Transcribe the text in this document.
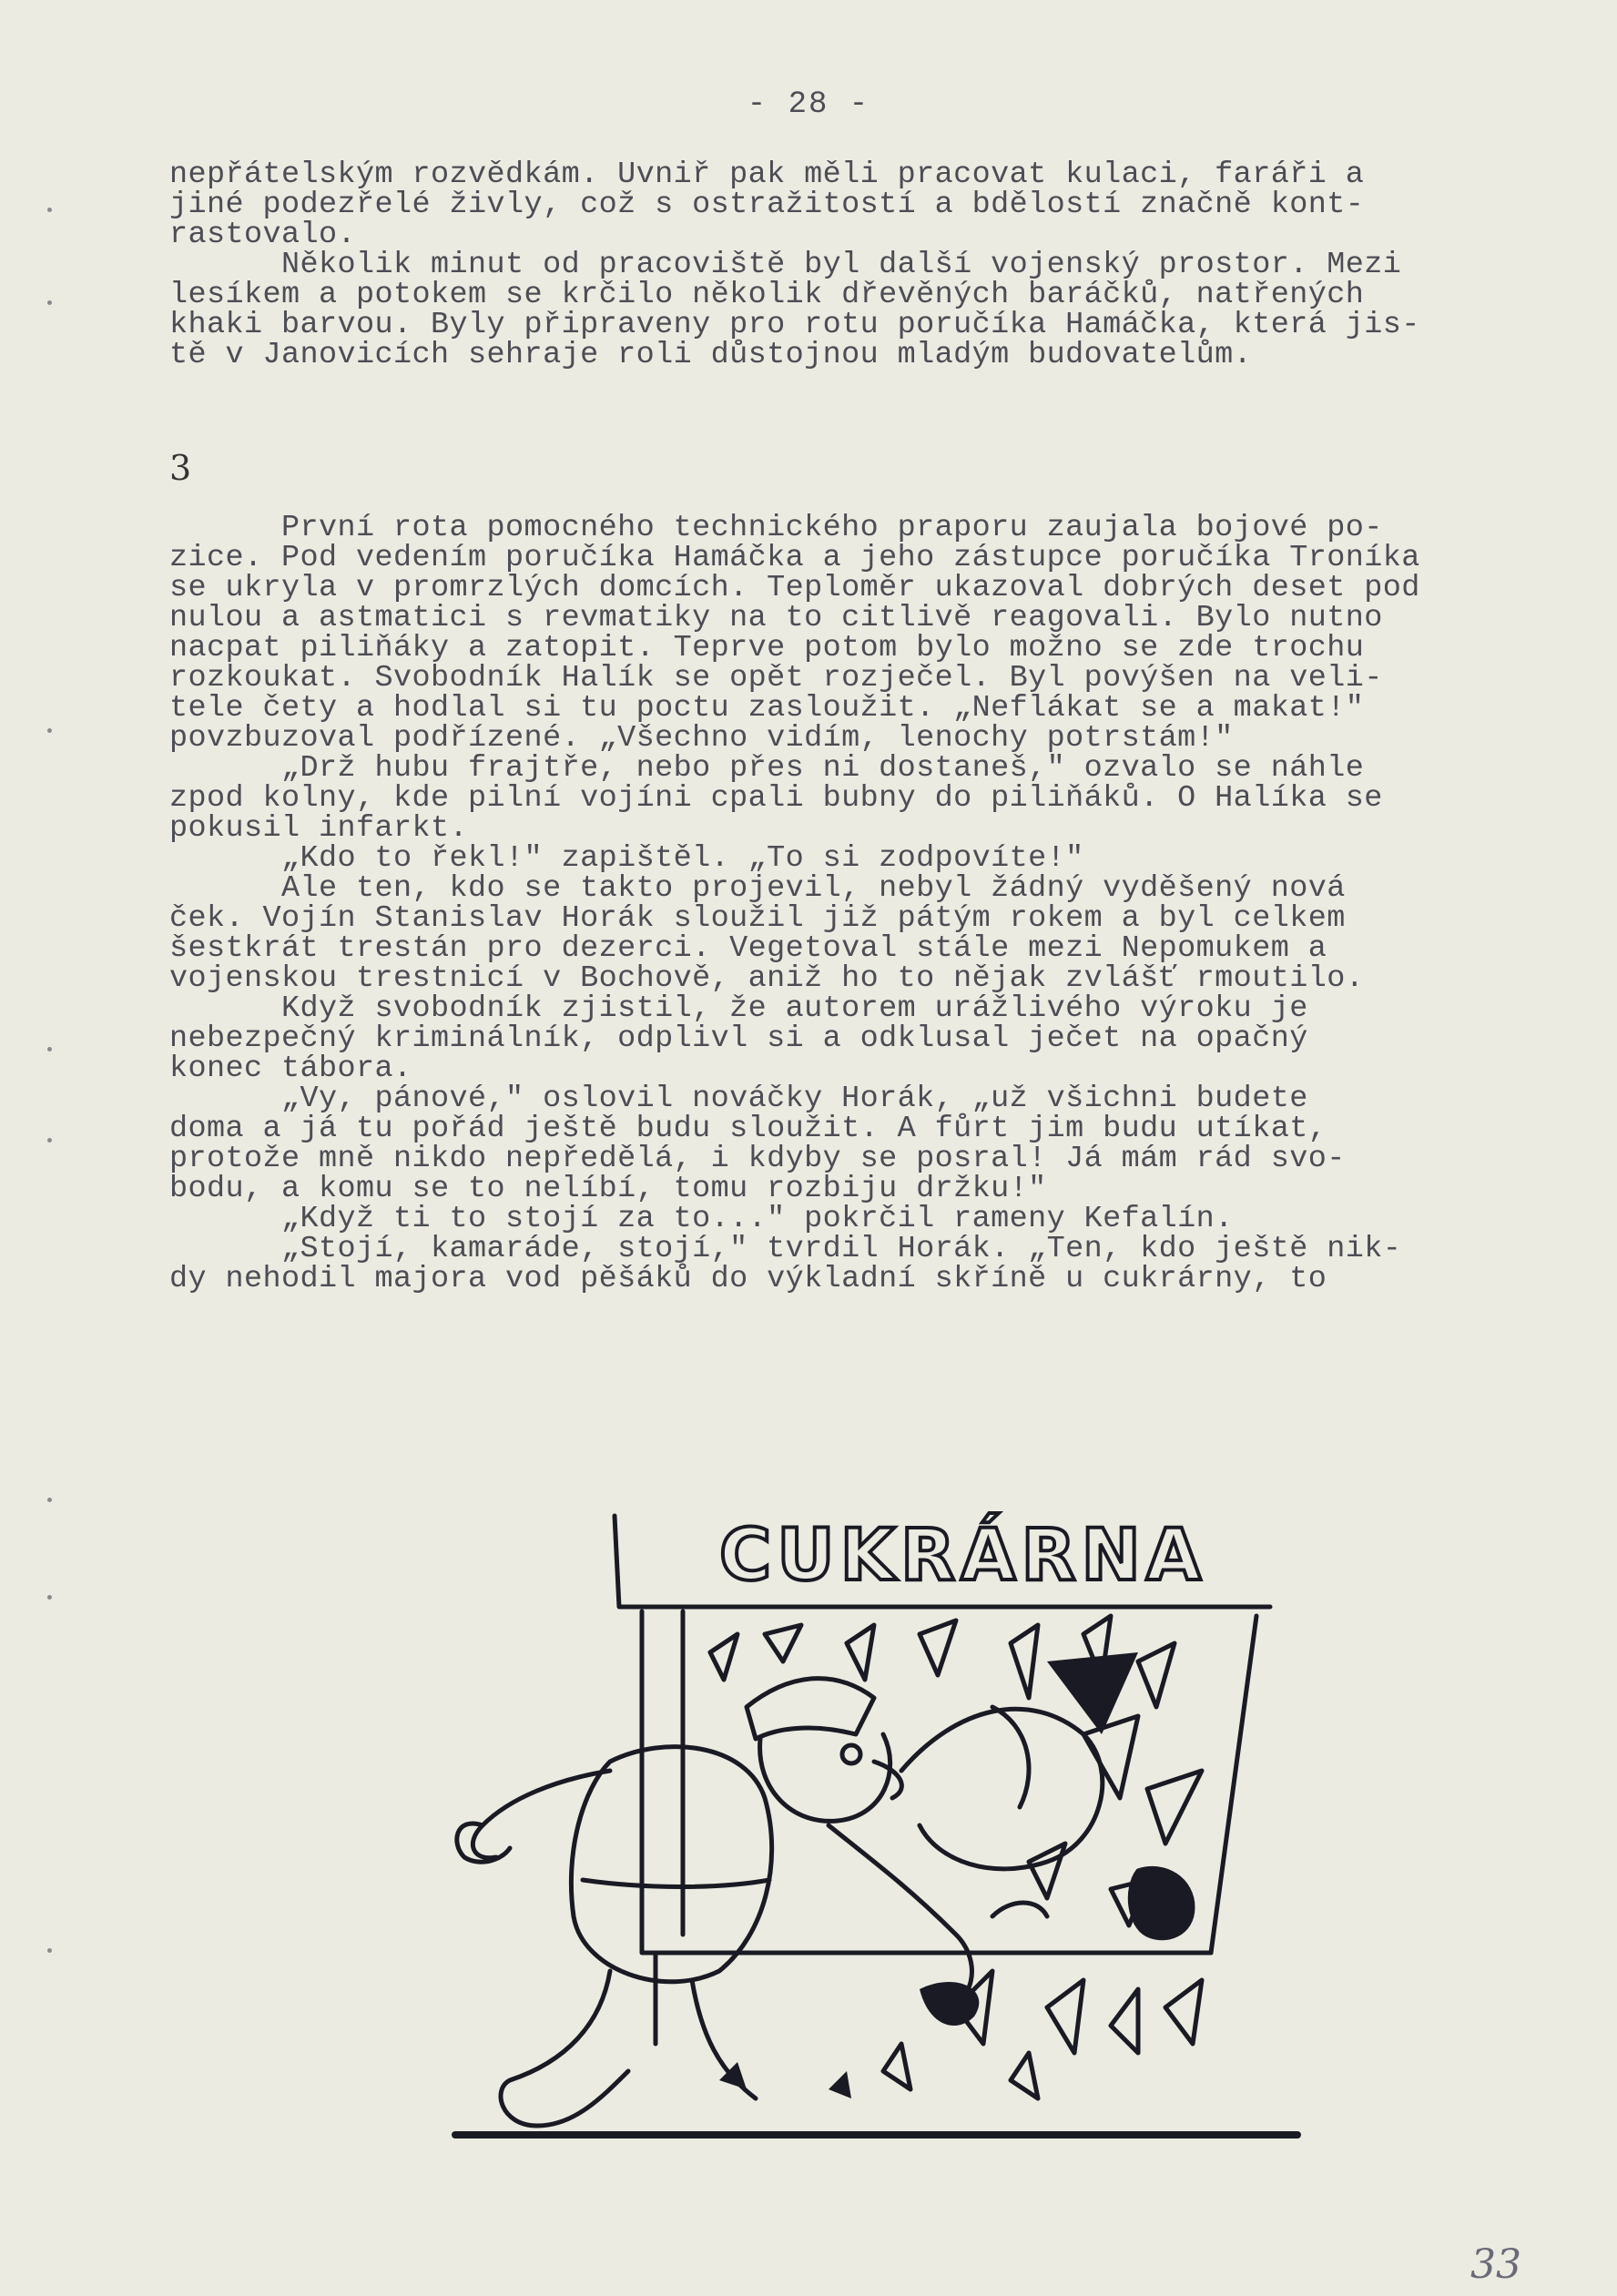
- 28 -
nepřátelským rozvědkám. Uvniř pak měli pracovat kulaci, faráři a
jiné podezřelé živly, což s ostražitostí a bdělostí značně kont-
rastovalo.
Několik minut od pracoviště byl další vojenský prostor. Mezi
lesíkem a potokem se krčilo několik dřevěných baráčků, natřených
khaki barvou. Byly připraveny pro rotu poručíka Hamáčka, která jis-
tě v Janovicích sehraje roli důstojnou mladým budovatelům.
3
První rota pomocného technického praporu zaujala bojové po-
zice. Pod vedením poručíka Hamáčka a jeho zástupce poručíka Troníka
se ukryla v promrzlých domcích. Teploměr ukazoval dobrých deset pod
nulou a astmatici s revmatiky na to citlivě reagovali. Bylo nutno
nacpat piliňáky a zatopit. Teprve potom bylo možno se zde trochu
rozkoukat. Svobodník Halík se opět rozječel. Byl povýšen na veli-
tele čety a hodlal si tu poctu zasloužit. „Neflákat se a makat!"
povzbuzoval podřízené. „Všechno vidím, lenochy potrstám!"
„Drž hubu frajtře, nebo přes ni dostaneš," ozvalo se náhle
zpod kolny, kde pilní vojíni cpali bubny do piliňáků. O Halíka se
pokusil infarkt.
„Kdo to řekl!" zapištěl. „To si zodpovíte!"
Ale ten, kdo se takto projevil, nebyl žádný vyděšený nová
ček. Vojín Stanislav Horák sloužil již pátým rokem a byl celkem
šestkrát trestán pro dezerci. Vegetoval stále mezi Nepomukem a
vojenskou trestnicí v Bochově, aniž ho to nějak zvlášť rmoutilo.
Když svobodník zjistil, že autorem urážlivého výroku je
nebezpečný kriminálník, odplivl si a odklusal ječet na opačný
konec tábora.
„Vy, pánové," oslovil nováčky Horák, „už všichni budete
doma a já tu pořád ještě budu sloužit. A fůrt jim budu utíkat,
protože mně nikdo nepředělá, i kdyby se posral! Já mám rád svo-
bodu, a komu se to nelíbí, tomu rozbiju držku!"
„Když ti to stojí za to..." pokrčil rameny Kefalín.
„Stojí, kamaráde, stojí," tvrdil Horák. „Ten, kdo ještě nik-
dy nehodil majora vod pěšáků do výkladní skříně u cukrárny, to
CUKRÁRNA
33
